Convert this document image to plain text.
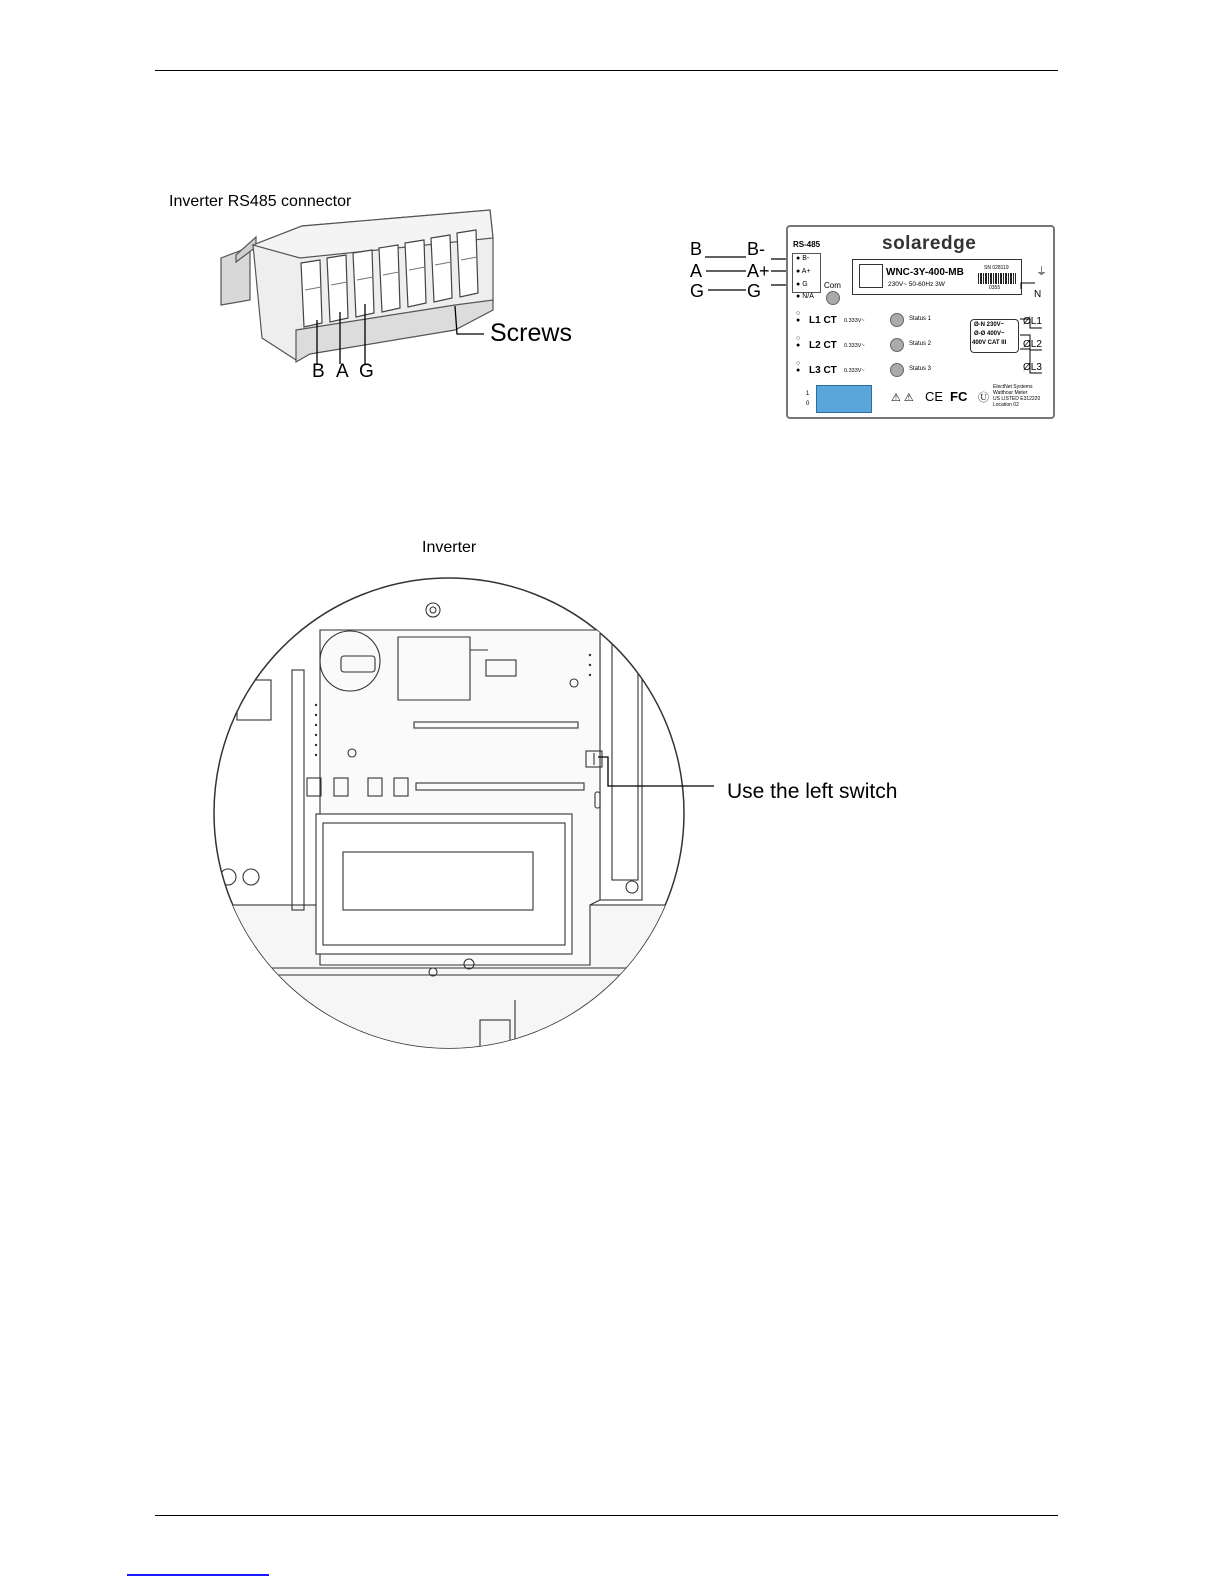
Inverter RS485 connector
B A G
Screws
B
A
G
B-
A+
G
RS-485	solaredge
● B-
● A+
● G
● N/A
Com
WNC-3Y-400-MB
230V~ 50-60Hz 3W
SN 028119
0355
⏚
N
○
● L1 CT 0.333V~	Status 1
○
● L2 CT 0.333V~	Status 2
○
● L3 CT 0.333V~	Status 3
Ø-N 230V~
Ø-Ø 400V~
400V CAT III
ØL1
ØL2
ØL3
1
0	⚠ ⚠ CE FC Ⓤ
ElectNet Systems
Watthour Meter
US LISTED E312220
Location 02
Inverter
Use the left switch
